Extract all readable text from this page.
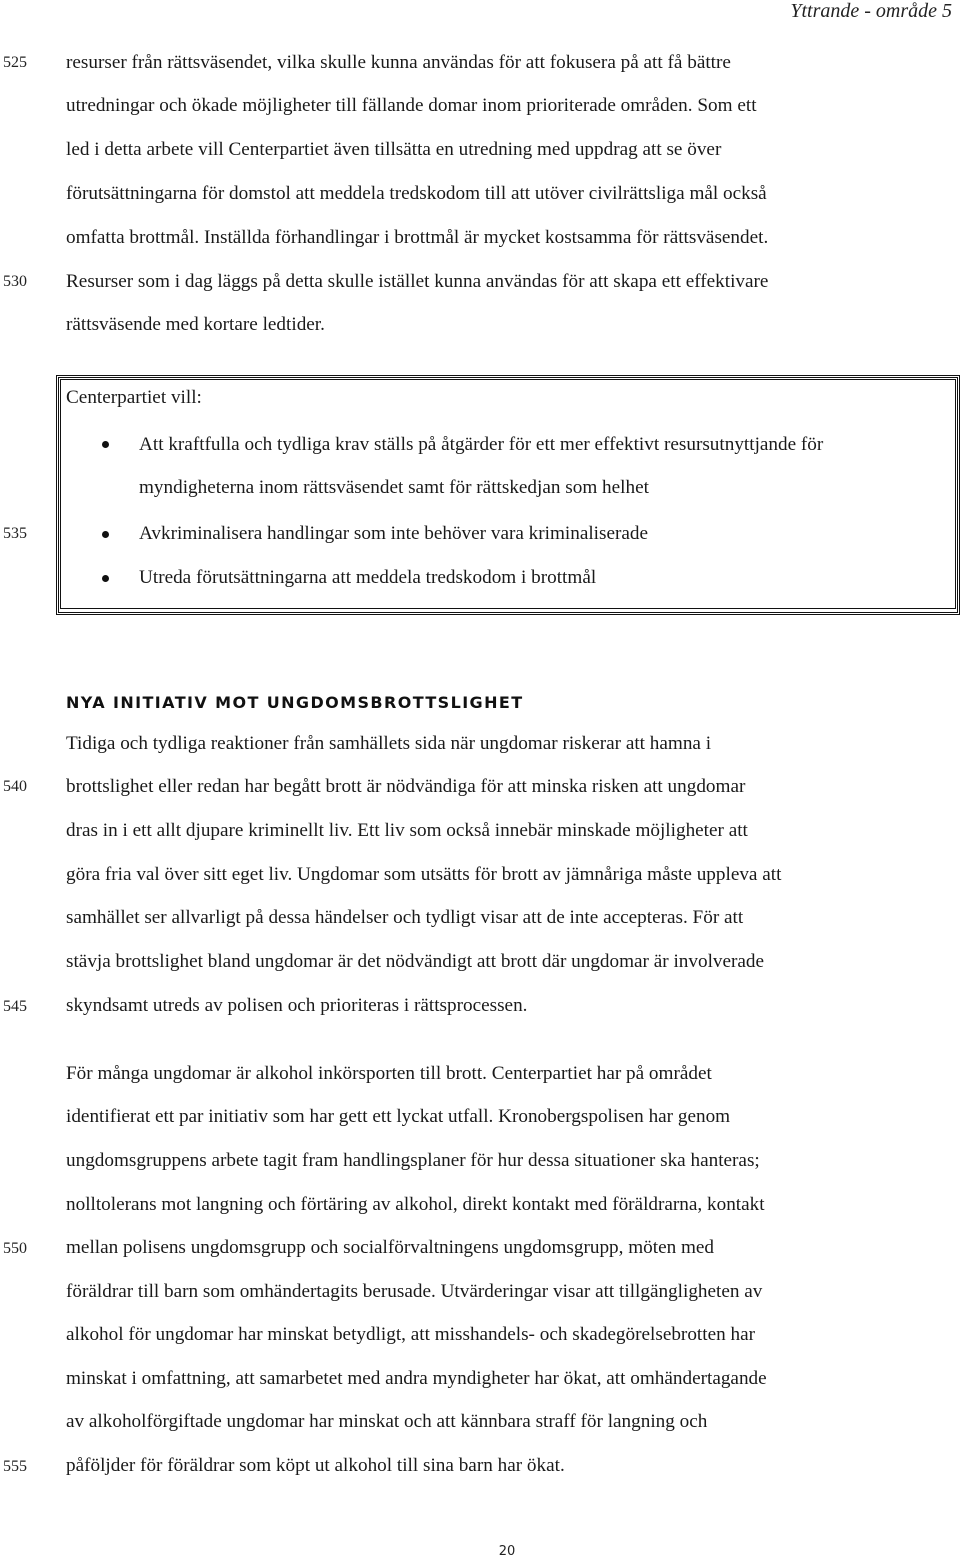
Yttrande - område 5
525
530
535
540
545
550
555
resurser från rättsväsendet, vilka skulle kunna användas för att fokusera på att få bättre
utredningar och ökade möjligheter till fällande domar inom prioriterade områden. Som ett
led i detta arbete vill Centerpartiet även tillsätta en utredning med uppdrag att se över
förutsättningarna för domstol att meddela tredskodom till att utöver civilrättsliga mål också
omfatta brottmål. Inställda förhandlingar i brottmål är mycket kostsamma för rättsväsendet.
Resurser som i dag läggs på detta skulle istället kunna användas för att skapa ett effektivare
rättsväsende med kortare ledtider.
Centerpartiet vill:
Att kraftfulla och tydliga krav ställs på åtgärder för ett mer effektivt resursutnyttjande för
myndigheterna inom rättsväsendet samt för rättskedjan som helhet
Avkriminalisera handlingar som inte behöver vara kriminaliserade
Utreda förutsättningarna att meddela tredskodom i brottmål
NYA INITIATIV MOT UNGDOMSBROTTSLIGHET
Tidiga och tydliga reaktioner från samhällets sida när ungdomar riskerar att hamna i
brottslighet eller redan har begått brott är nödvändiga för att minska risken att ungdomar
dras in i ett allt djupare kriminellt liv. Ett liv som också innebär minskade möjligheter att
göra fria val över sitt eget liv. Ungdomar som utsätts för brott av jämnåriga måste uppleva att
samhället ser allvarligt på dessa händelser och tydligt visar att de inte accepteras. För att
stävja brottslighet bland ungdomar är det nödvändigt att brott där ungdomar är involverade
skyndsamt utreds av polisen och prioriteras i rättsprocessen.
För många ungdomar är alkohol inkörsporten till brott. Centerpartiet har på området
identifierat ett par initiativ som har gett ett lyckat utfall. Kronobergspolisen har genom
ungdomsgruppens arbete tagit fram handlingsplaner för hur dessa situationer ska hanteras;
nolltolerans mot langning och förtäring av alkohol, direkt kontakt med föräldrarna, kontakt
mellan polisens ungdomsgrupp och socialförvaltningens ungdomsgrupp, möten med
föräldrar till barn som omhändertagits berusade. Utvärderingar visar att tillgängligheten av
alkohol för ungdomar har minskat betydligt, att misshandels- och skadegörelsebrotten har
minskat i omfattning, att samarbetet med andra myndigheter har ökat, att omhändertagande
av alkoholförgiftade ungdomar har minskat och att kännbara straff för langning och
påföljder för föräldrar som köpt ut alkohol till sina barn har ökat.
20
